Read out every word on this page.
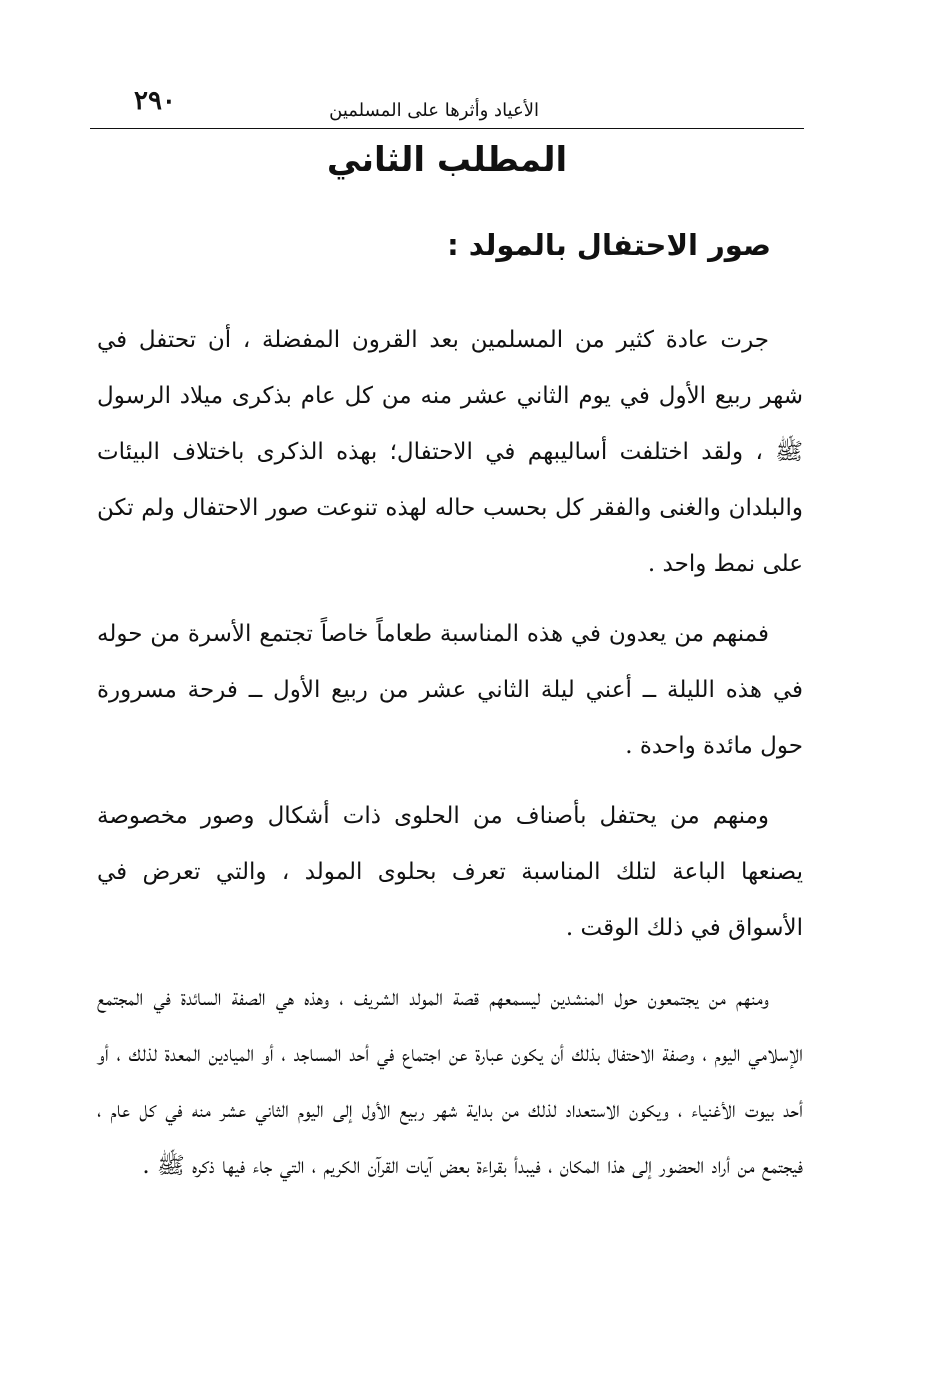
٢٩٠	الأعياد وأثرها على المسلمين
المطلب الثاني
صور الاحتفال بالمولد :

جرت عادة كثير من المسلمين بعد القرون المفضلة ، أن تحتفل في شهر ربيع الأول في يوم الثاني عشر منه من كل عام بذكرى ميلاد الرسول ﷺ ، ولقد اختلفت أساليبهم في الاحتفال؛ بهذه الذكرى باختلاف البيئات والبلدان والغنى والفقر كل بحسب حاله لهذه تنوعت صور الاحتفال ولم تكن على نمط واحد .

فمنهم من يعدون في هذه المناسبة طعاماً خاصاً تجتمع الأسرة من حوله في هذه الليلة ــ أعني ليلة الثاني عشر من ربيع الأول ــ فرحة مسرورة حول مائدة واحدة .

ومنهم من يحتفل بأصناف من الحلوى ذات أشكال وصور مخصوصة يصنعها الباعة لتلك المناسبة تعرف بحلوى المولد ، والتي تعرض في الأسواق في ذلك الوقت .

ومنهم من يجتمعون حول المنشدين ليسمعهم قصة المولد الشريف ، وهذه هي الصفة السائدة في المجتمع الإسلامي اليوم ، وصفة الاحتفال بذلك أن يكون عبارة عن اجتماع في أحد المساجد ، أو الميادين المعدة لذلك ، أو أحد بيوت الأغنياء ، ويكون الاستعداد لذلك من بداية شهر ربيع الأول إلى اليوم الثاني عشر منه في كل عام ، فيجتمع من أراد الحضور إلى هذا المكان ، فيبدأ بقراءة بعض آيات القرآن الكريم ، التي جاء فيها ذكره ﷺ .
